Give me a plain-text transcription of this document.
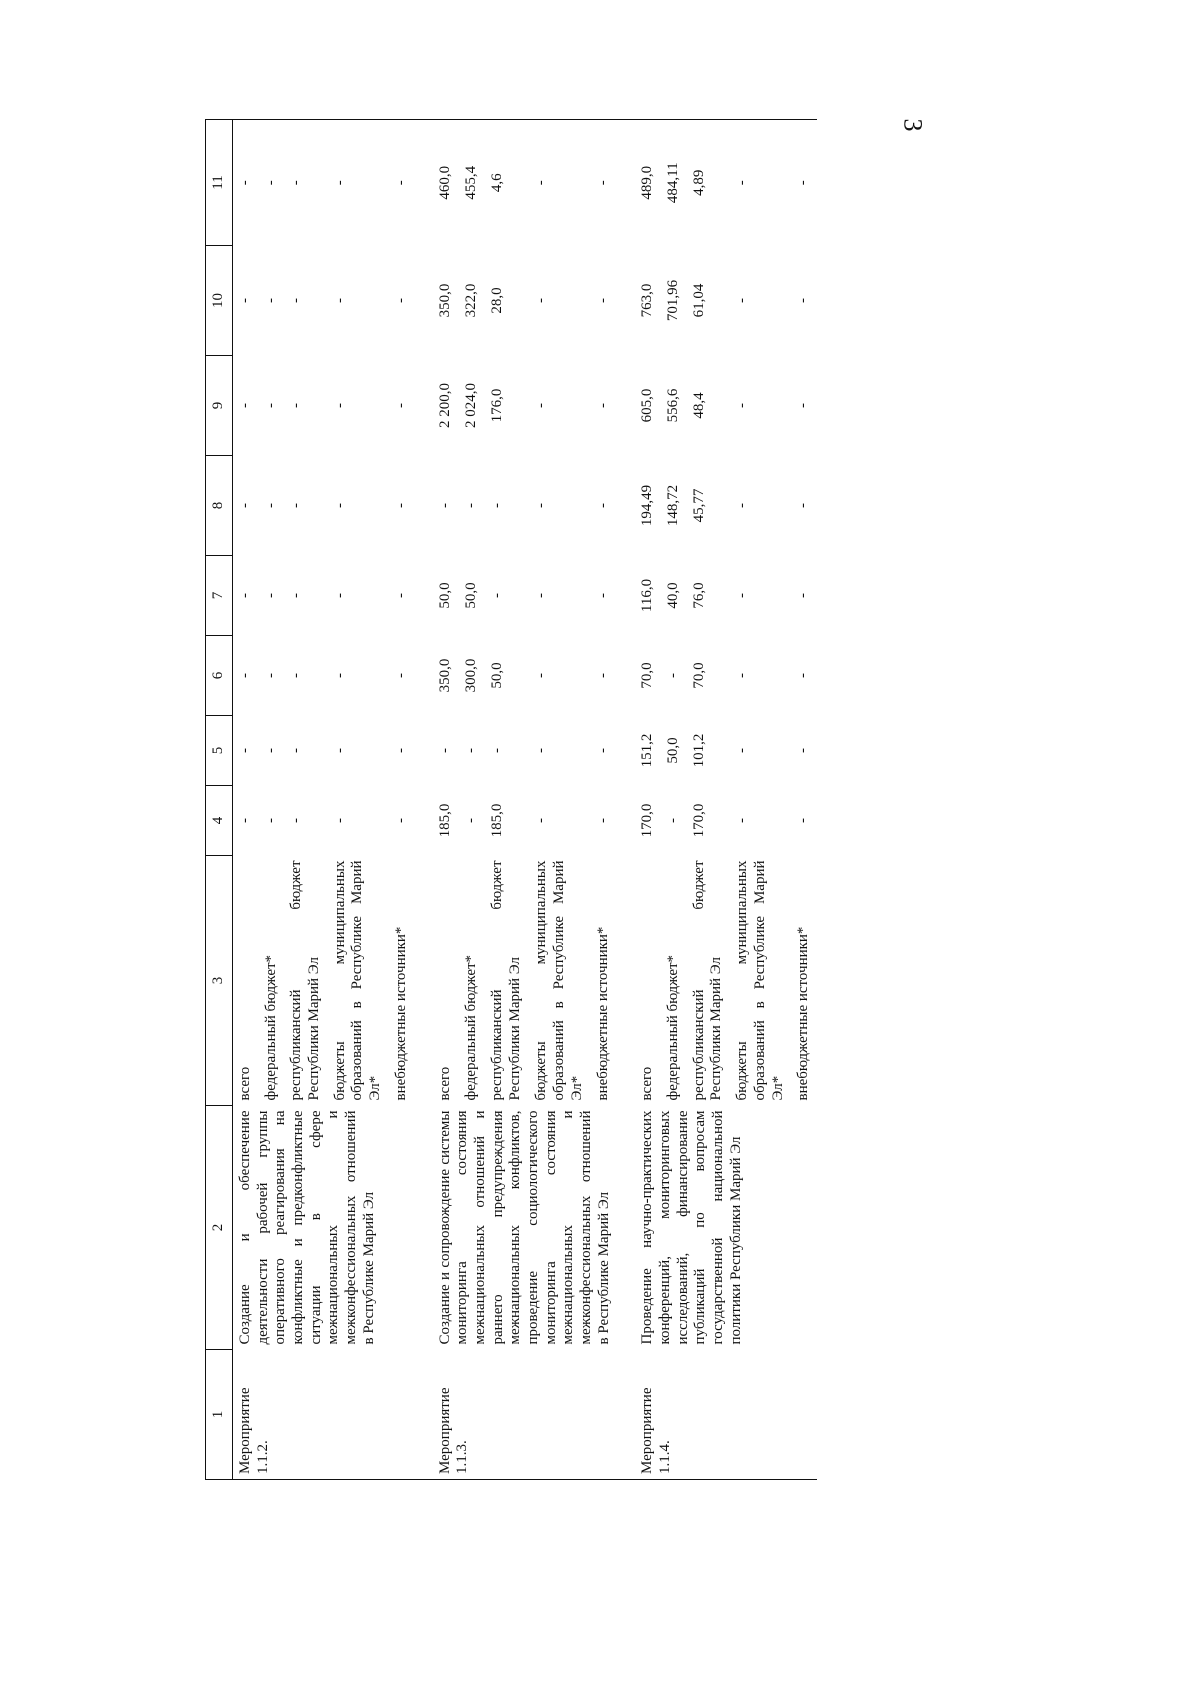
3
1	2	3	4	5	6	7	8	9	10	11
Мероприятие 1.1.2.	Создание и обеспечение деятельности рабочей группы оперативного реагирования на конфликтные и предконфликтные ситуации в сфере межнациональных и межконфессиональных отношений в Республике Марий Эл	всего	-	-	-	-	-	-	-	-
		федеральный бюджет*	-	-	-	-	-	-	-	-
		республиканский бюджет Республики Марий Эл	-	-	-	-	-	-	-	-
		бюджеты муниципальных образований в Республике Марий Эл*	-	-	-	-	-	-	-	-
		внебюджетные источники*	-	-	-	-	-	-	-	-
Мероприятие 1.1.3.	Создание и сопровождение системы мониторинга состояния межнациональных отношений и раннего предупреждения межнациональных конфликтов, проведение социологического мониторинга состояния межнациональных и межконфессиональных отношений в Республике Марий Эл	всего	185,0	-	350,0	50,0	-	2 200,0	350,0	460,0
		федеральный бюджет*	-	-	300,0	50,0	-	2 024,0	322,0	455,4
		республиканский бюджет Республики Марий Эл	185,0	-	50,0	-	-	176,0	28,0	4,6
		бюджеты муниципальных образований в Республике Марий Эл*	-	-	-	-	-	-	-	-
		внебюджетные источники*	-	-	-	-	-	-	-	-
Мероприятие 1.1.4.	Проведение научно-практических конференций, мониторинговых исследований, финансирование публикаций по вопросам государственной национальной политики Республики Марий Эл	всего	170,0	151,2	70,0	116,0	194,49	605,0	763,0	489,0
		федеральный бюджет*	-	50,0	-	40,0	148,72	556,6	701,96	484,11
		республиканский бюджет Республики Марий Эл	170,0	101,2	70,0	76,0	45,77	48,4	61,04	4,89
		бюджеты муниципальных образований в Республике Марий Эл*	-	-	-	-	-	-	-	-
		внебюджетные источники*	-	-	-	-	-	-	-	-
